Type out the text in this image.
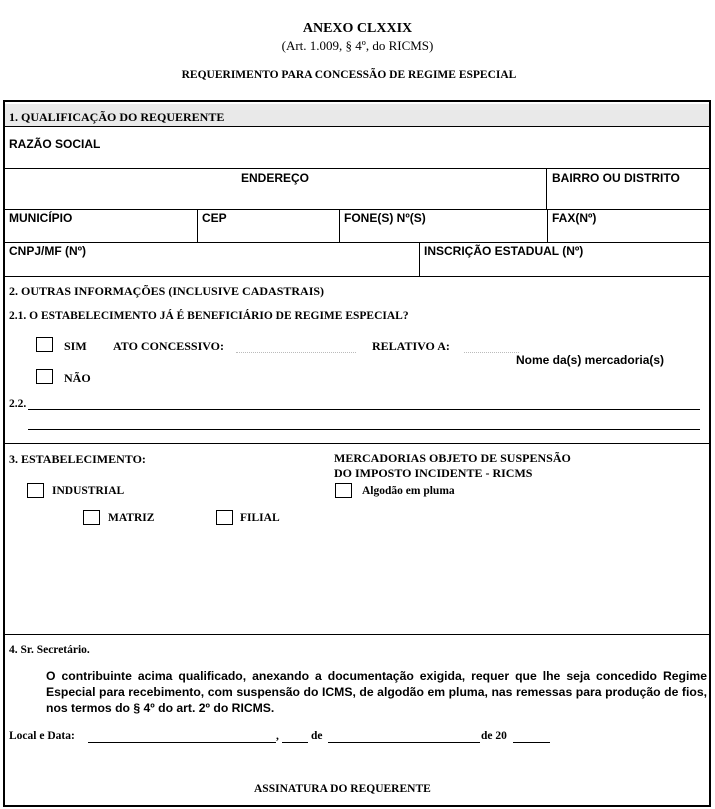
ANEXO CLXXIX
(Art. 1.009, § 4º, do RICMS)
REQUERIMENTO PARA CONCESSÃO DE REGIME ESPECIAL
1. QUALIFICAÇÃO DO REQUERENTE
RAZÃO SOCIAL
ENDEREÇO	BAIRRO OU DISTRITO
MUNICÍPIO	CEP	FONE(S) Nº(S)	FAX(Nº)
CNPJ/MF (Nº)	INSCRIÇÃO ESTADUAL (Nº)
2. OUTRAS INFORMAÇÕES (INCLUSIVE CADASTRAIS)
2.1. O ESTABELECIMENTO JÁ É BENEFICIÁRIO DE REGIME ESPECIAL?
SIM ATO CONCESSIVO:	RELATIVO A:
Nome da(s) mercadoria(s)
NÃO
2.2.
3. ESTABELECIMENTO:	MERCADORIAS OBJETO DE SUSPENSÃO
DO IMPOSTO INCIDENTE - RICMS
INDUSTRIAL	Algodão em pluma
MATRIZ	FILIAL
4. Sr. Secretário.
O contribuinte acima qualificado, anexando a documentação exigida, requer que lhe seja concedido Regime Especial para recebimento, com suspensão do ICMS, de algodão em pluma, nas remessas para produção de fios, nos termos do § 4º do art. 2º do RICMS.
Local e Data:	,	de	de 20
ASSINATURA DO REQUERENTE
